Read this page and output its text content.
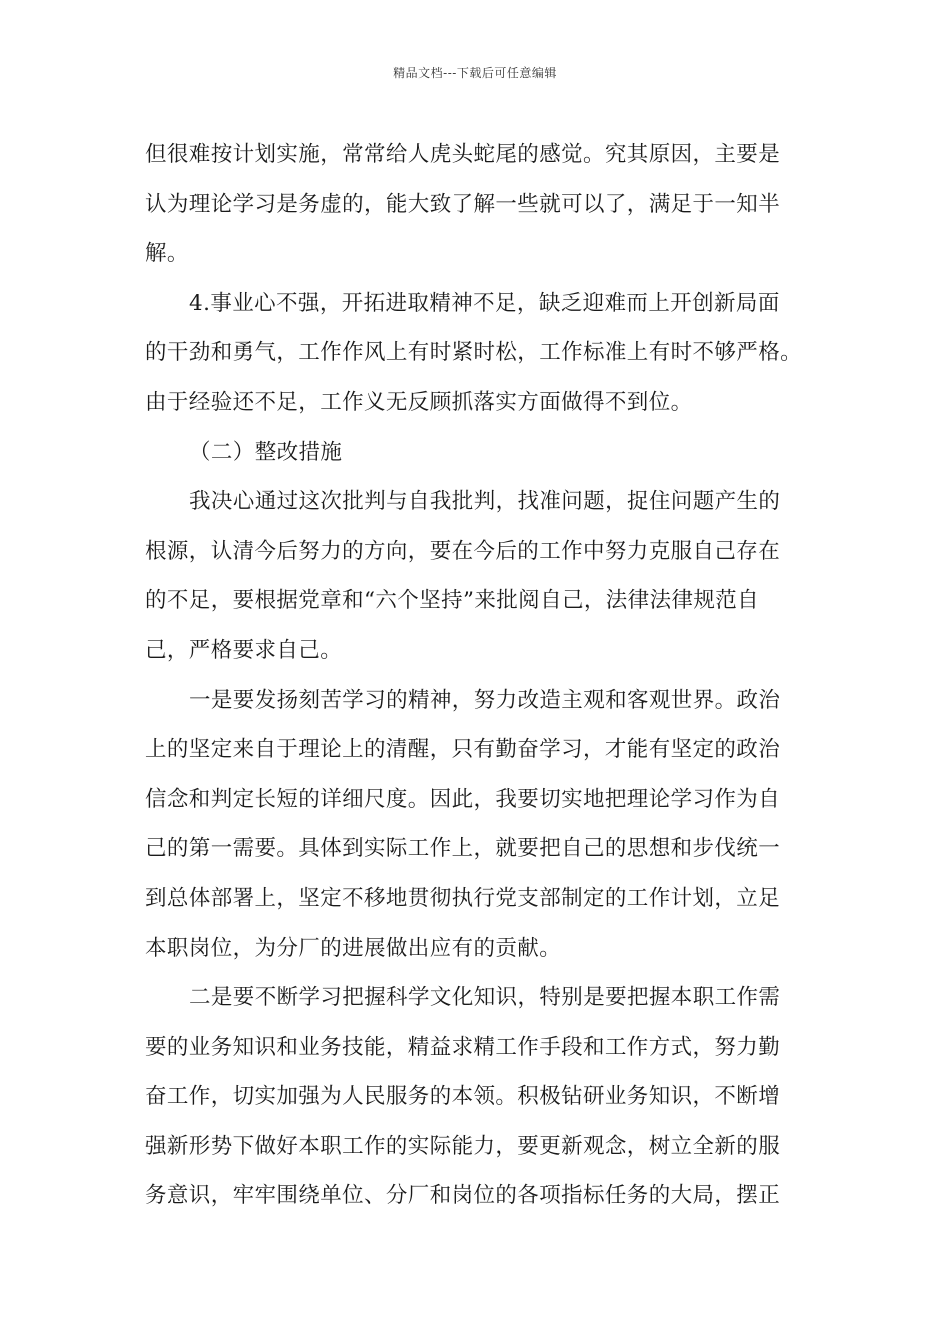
精品文档---下载后可任意编辑
但很难按计划实施，常常给人虎头蛇尾的感觉。究其原因，主要是
认为理论学习是务虚的，能大致了解一些就可以了，满足于一知半
解。
4.事业心不强，开拓进取精神不足，缺乏迎难而上开创新局面
的干劲和勇气，工作作风上有时紧时松，工作标准上有时不够严格。
由于经验还不足，工作义无反顾抓落实方面做得不到位。
（二）整改措施
我决心通过这次批判与自我批判，找准问题，捉住问题产生的
根源，认清今后努力的方向，要在今后的工作中努力克服自己存在
的不足，要根据党章和“六个坚持”来批阅自己，法律法律规范自
己，严格要求自己。
一是要发扬刻苦学习的精神，努力改造主观和客观世界。政治
上的坚定来自于理论上的清醒，只有勤奋学习，才能有坚定的政治
信念和判定长短的详细尺度。因此，我要切实地把理论学习作为自
己的第一需要。具体到实际工作上，就要把自己的思想和步伐统一
到总体部署上，坚定不移地贯彻执行党支部制定的工作计划，立足
本职岗位，为分厂的进展做出应有的贡献。
二是要不断学习把握科学文化知识，特别是要把握本职工作需
要的业务知识和业务技能，精益求精工作手段和工作方式，努力勤
奋工作，切实加强为人民服务的本领。积极钻研业务知识，不断增
强新形势下做好本职工作的实际能力，要更新观念，树立全新的服
务意识，牢牢围绕单位、分厂和岗位的各项指标任务的大局，摆正
